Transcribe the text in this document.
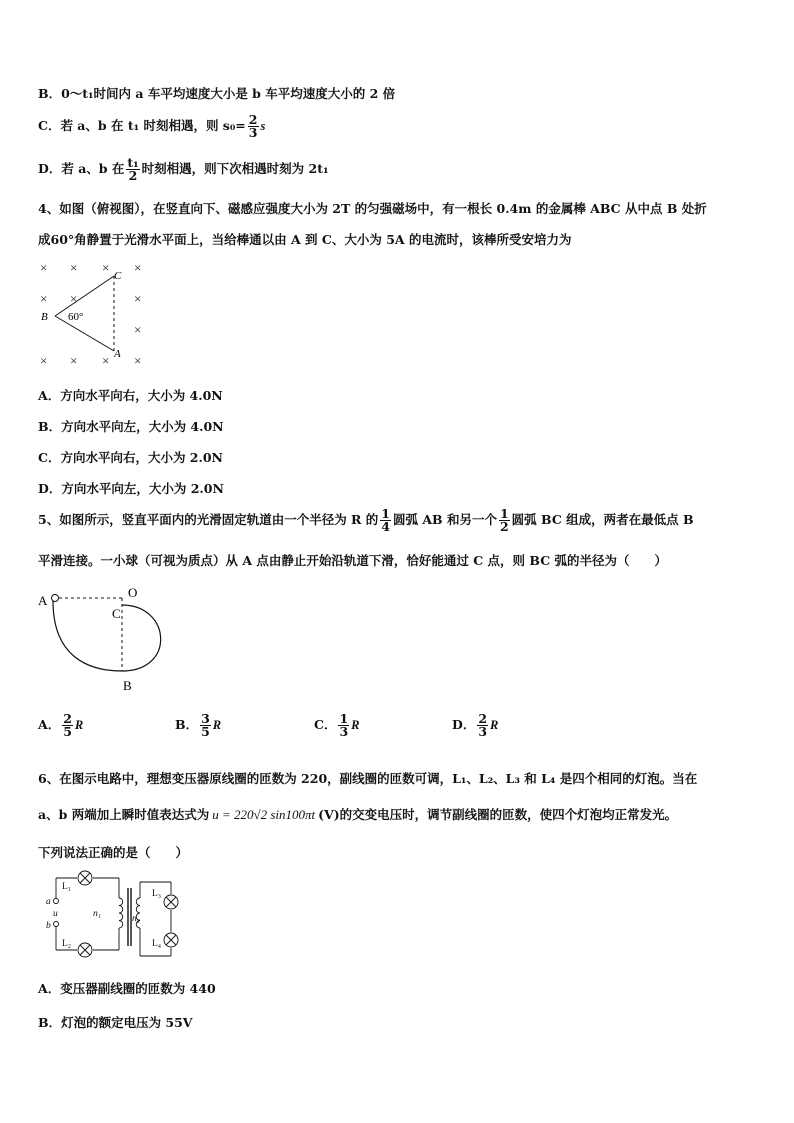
B．0～t₁时间内 a 车平均速度大小是 b 车平均速度大小的 2 倍
C．若 a、b 在 t₁ 时刻相遇，则 $s_0= \frac{2}{3}$ s
D．若 a、b 在 $\frac{\text{t₁}}{2}$ 时刻相遇，则下次相遇时刻为 2t₁
4、如图（俯视图），在竖直向下、磁感应强度大小为 2T 的匀强磁场中，有一根长 0.4m 的金属棒 ABC 从中点 B 处折
成60°角静置于光滑水平面上，当给棒通以由 A 到 C、大小为 5A 的电流时，该棒所受安培力为
× × × ×
× ×	×
×
× × × ×
B
C
A
60°
A．方向水平向右，大小为 4.0N
B．方向水平向左，大小为 4.0N
C．方向水平向右，大小为 2.0N
D．方向水平向左，大小为 2.0N
5、如图所示，竖直平面内的光滑固定轨道由一个半径为 R 的 $\frac{1}{4}$ 圆弧 AB 和另一个 $\frac{1}{2}$ 圆弧 BC 组成，两者在最低点 B
平滑连接。一小球（可视为质点）从 A 点由静止开始沿轨道下滑，恰好能通过 C 点，则 BC 弧的半径为（　　）
A
O
C
B
A． $\frac{2}{5}$ R	B． $\frac{3}{5}$ R	C． $\frac{1}{3}$ R	D． $\frac{2}{3}$ R
6、在图示电路中，理想变压器原线圈的匝数为 220，副线圈的匝数可调，L₁、L₂、L₃ 和 L₄ 是四个相同的灯泡。当在
a、b 两端加上瞬时值表达式为 u = 220√2 sin100πt (V)的交变电压时，调节副线圈的匝数，使四个灯泡均正常发光。
下列说法正确的是（　　）
L₁
L₂
L₃
L₄
a
b
u	n₁	n₂
A．变压器副线圈的匝数为 440
B．灯泡的额定电压为 55V
